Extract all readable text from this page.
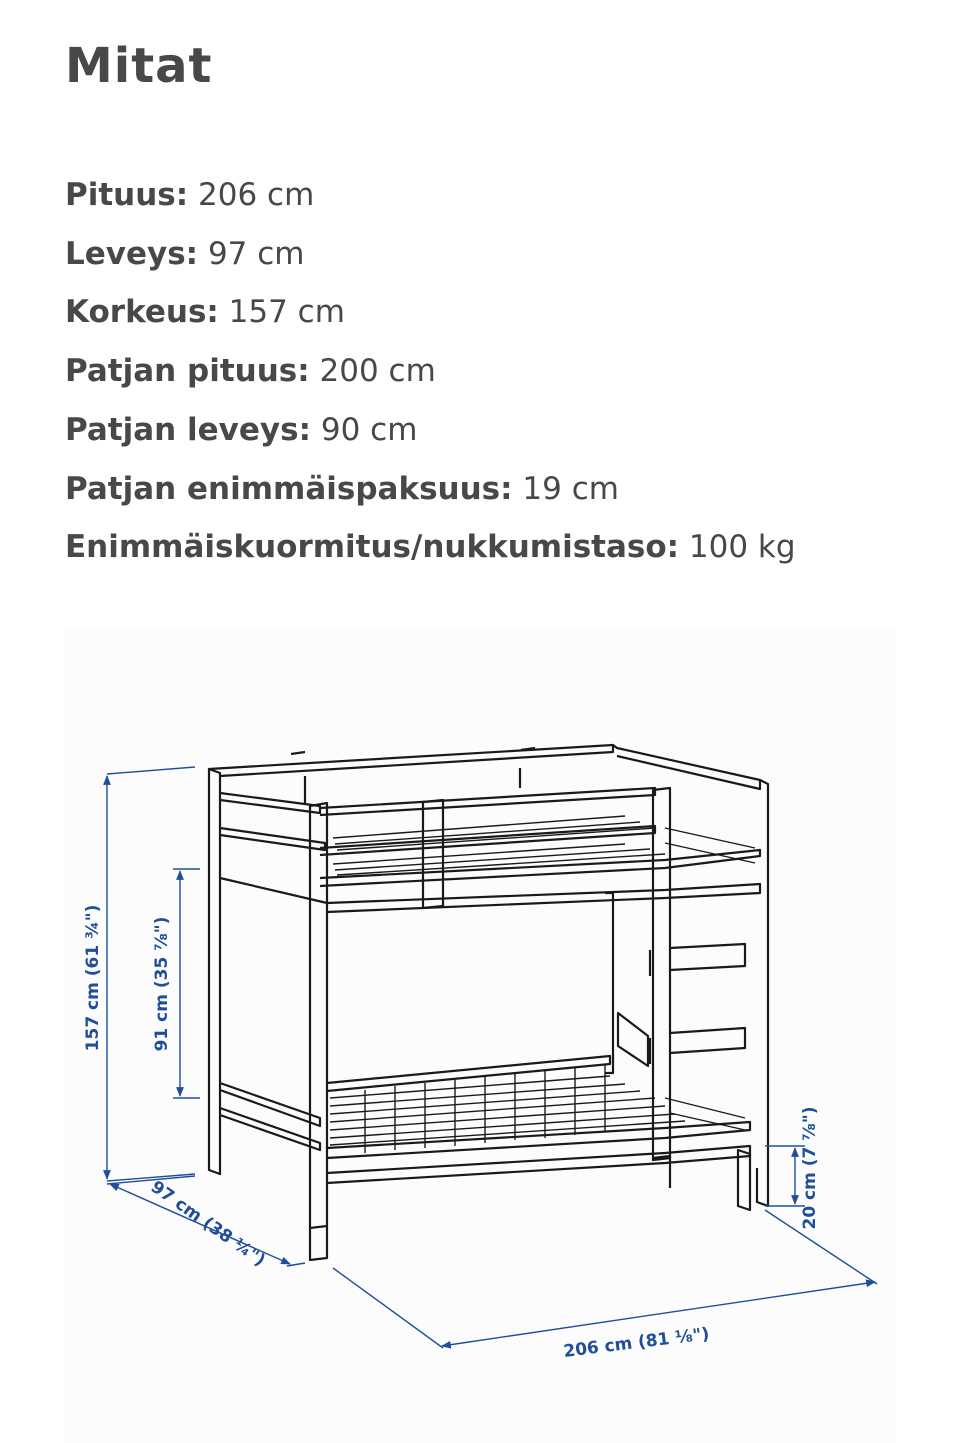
Mitat
Pituus: 206 cm
Leveys: 97 cm
Korkeus: 157 cm
Patjan pituus: 200 cm
Patjan leveys: 90 cm
Patjan enimmäispaksuus: 19 cm
Enimmäiskuormitus/nukkumistaso: 100 kg
157 cm (61 ¾")	91 cm (35 ⅞")
20 cm (7 ⅞")
97 cm (38 ¼")
206 cm (81 ⅛")
